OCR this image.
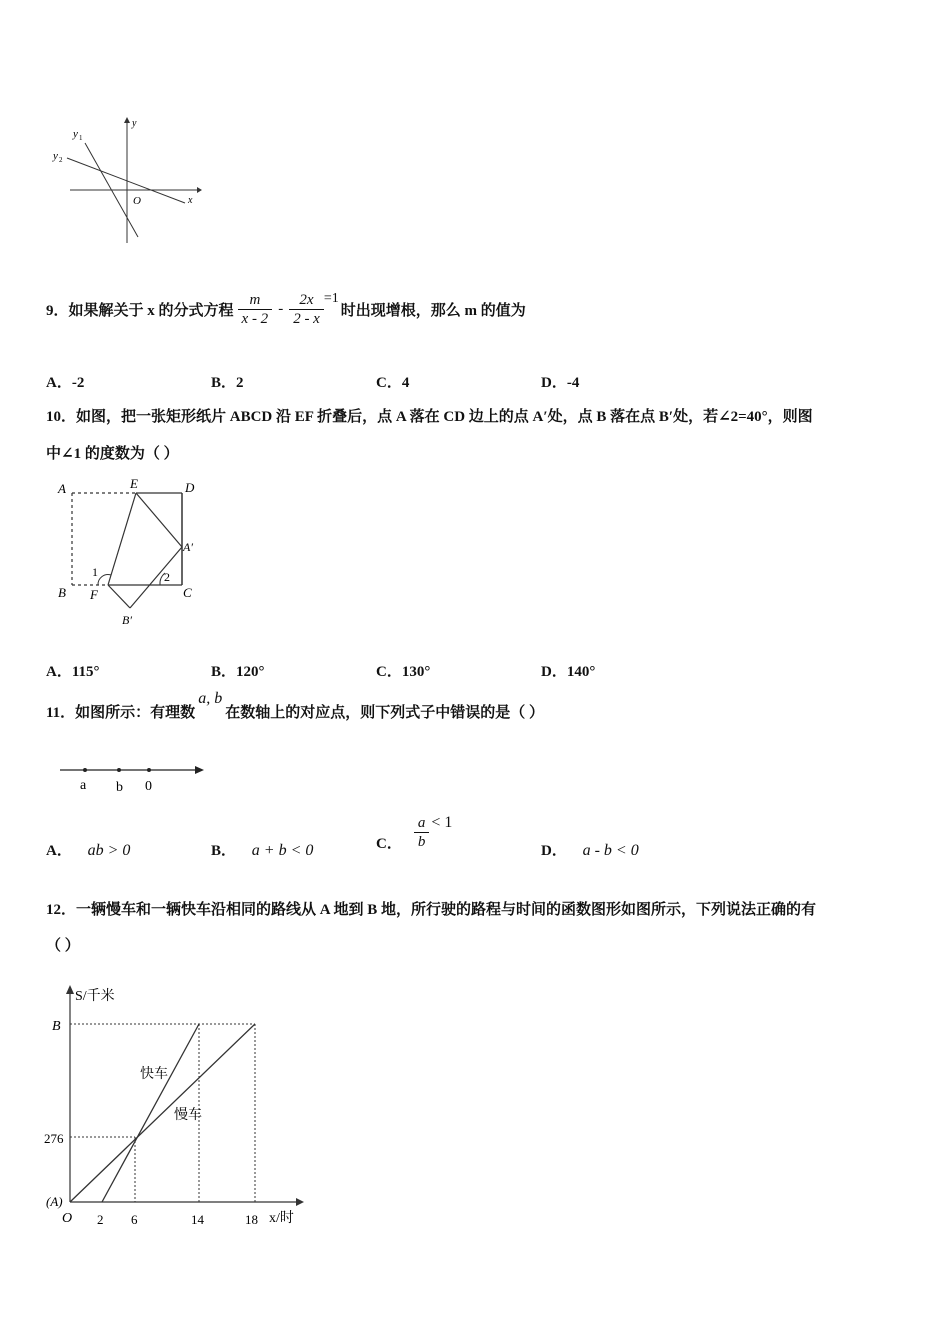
y 1
y 2
y
x
O
9． 如果解关于 x 的分式方程 $\frac{m}{x - 2} - \frac{2x}{2 - x} =1$
时出现增根，那么 m 的值为
A．-2	B．2	C．4	D．-4
10．如图，把一张矩形纸片 ABCD 沿 EF 折叠后，点 A 落在 CD 边上的点 A′处，点 B 落在点 B′处，若∠2=40°，则图
中∠1 的度数为（ ）
A	E	D
A′
B F	C
B′
1	2
A．115°	B．120°	C．130°	D．140°
11．如图所示：有理数
a, b
在数轴上的对应点，则下列式子中错误的是（ ）
a b 0
A． ab > 0	B． a + b < 0	C． $\frac{a}{b} < 1$
D． a - b < 0
12．一辆慢车和一辆快车沿相同的路线从 A 地到 B 地，所行驶的路程与时间的函数图形如图所示，下列说法正确的有
（ ）
S/千米
B
276
(A)
O 2 6	14	18 x/时
快车
慢车
